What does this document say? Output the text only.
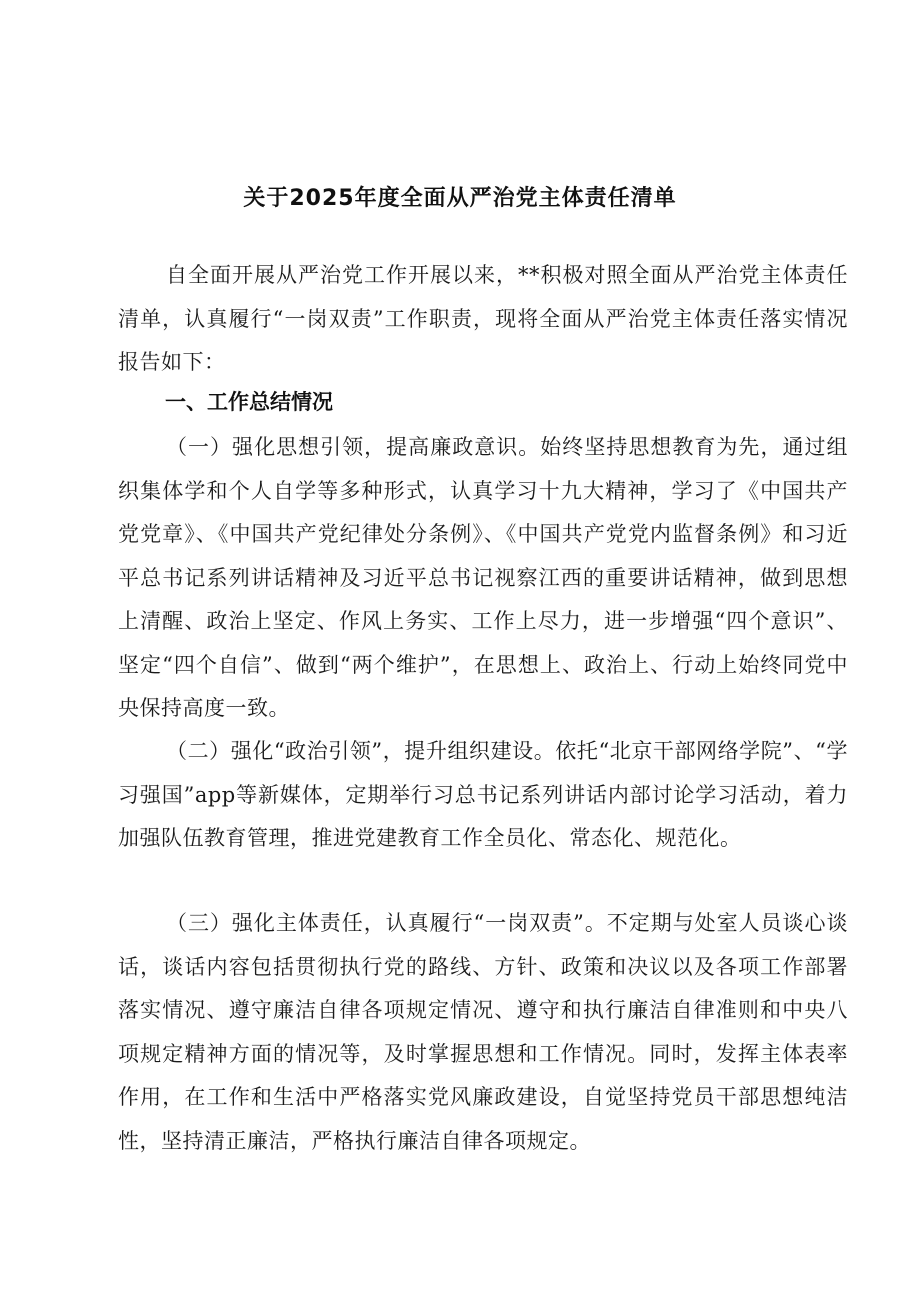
关于2025年度全面从严治党主体责任清单

自全面开展从严治党工作开展以来，**积极对照全面从严治党主体责任清单，认真履行“一岗双责”工作职责，现将全面从严治党主体责任落实情况报告如下：

一、工作总结情况

（一）强化思想引领，提高廉政意识。始终坚持思想教育为先，通过组织集体学和个人自学等多种形式，认真学习十九大精神，学习了《中国共产党党章》、《中国共产党纪律处分条例》、《中国共产党党内监督条例》和习近平总书记系列讲话精神及习近平总书记视察江西的重要讲话精神，做到思想上清醒、政治上坚定、作风上务实、工作上尽力，进一步增强“四个意识”、坚定“四个自信”、做到“两个维护”，在思想上、政治上、行动上始终同党中央保持高度一致。

（二）强化“政治引领”，提升组织建设。依托“北京干部网络学院”、“学习强国”app等新媒体，定期举行习总书记系列讲话内部讨论学习活动，着力加强队伍教育管理，推进党建教育工作全员化、常态化、规范化。

（三）强化主体责任，认真履行“一岗双责”。不定期与处室人员谈心谈话，谈话内容包括贯彻执行党的路线、方针、政策和决议以及各项工作部署落实情况、遵守廉洁自律各项规定情况、遵守和执行廉洁自律准则和中央八项规定精神方面的情况等，及时掌握思想和工作情况。同时，发挥主体表率作用，在工作和生活中严格落实党风廉政建设，自觉坚持党员干部思想纯洁性，坚持清正廉洁，严格执行廉洁自律各项规定。
